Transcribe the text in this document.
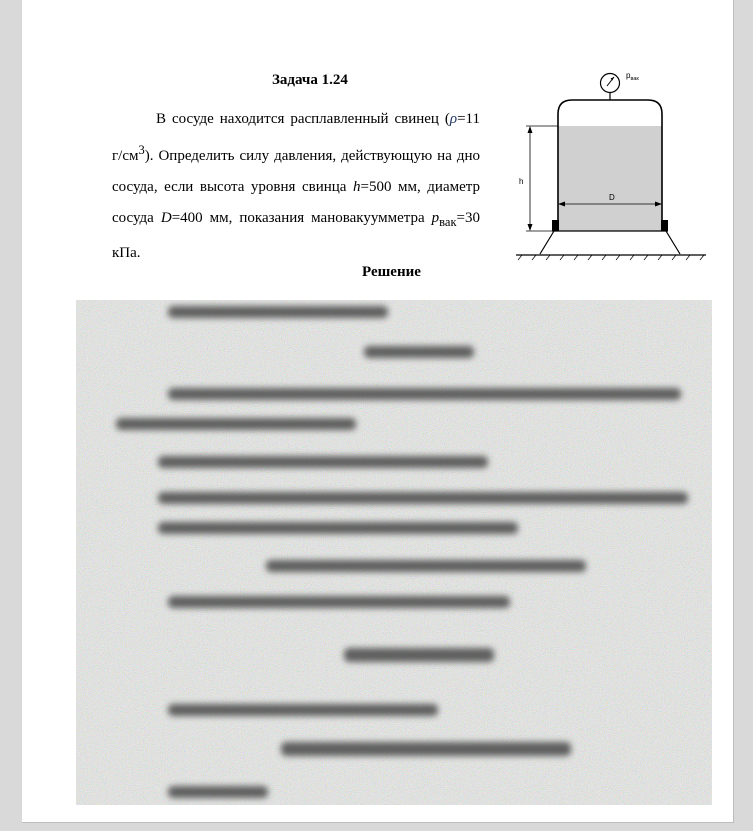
Задача 1.24

В сосуде находится расплавленный свинец (ρ=11 $г/см^3$). Определить силу давления, действующую на дно сосуда, если высота уровня свинца h=500 мм, диаметр сосуда D=400 мм, показания мановакуумметра $p_{вак}=30$ кПа.

$p_{вак}$
h
D
Решение
